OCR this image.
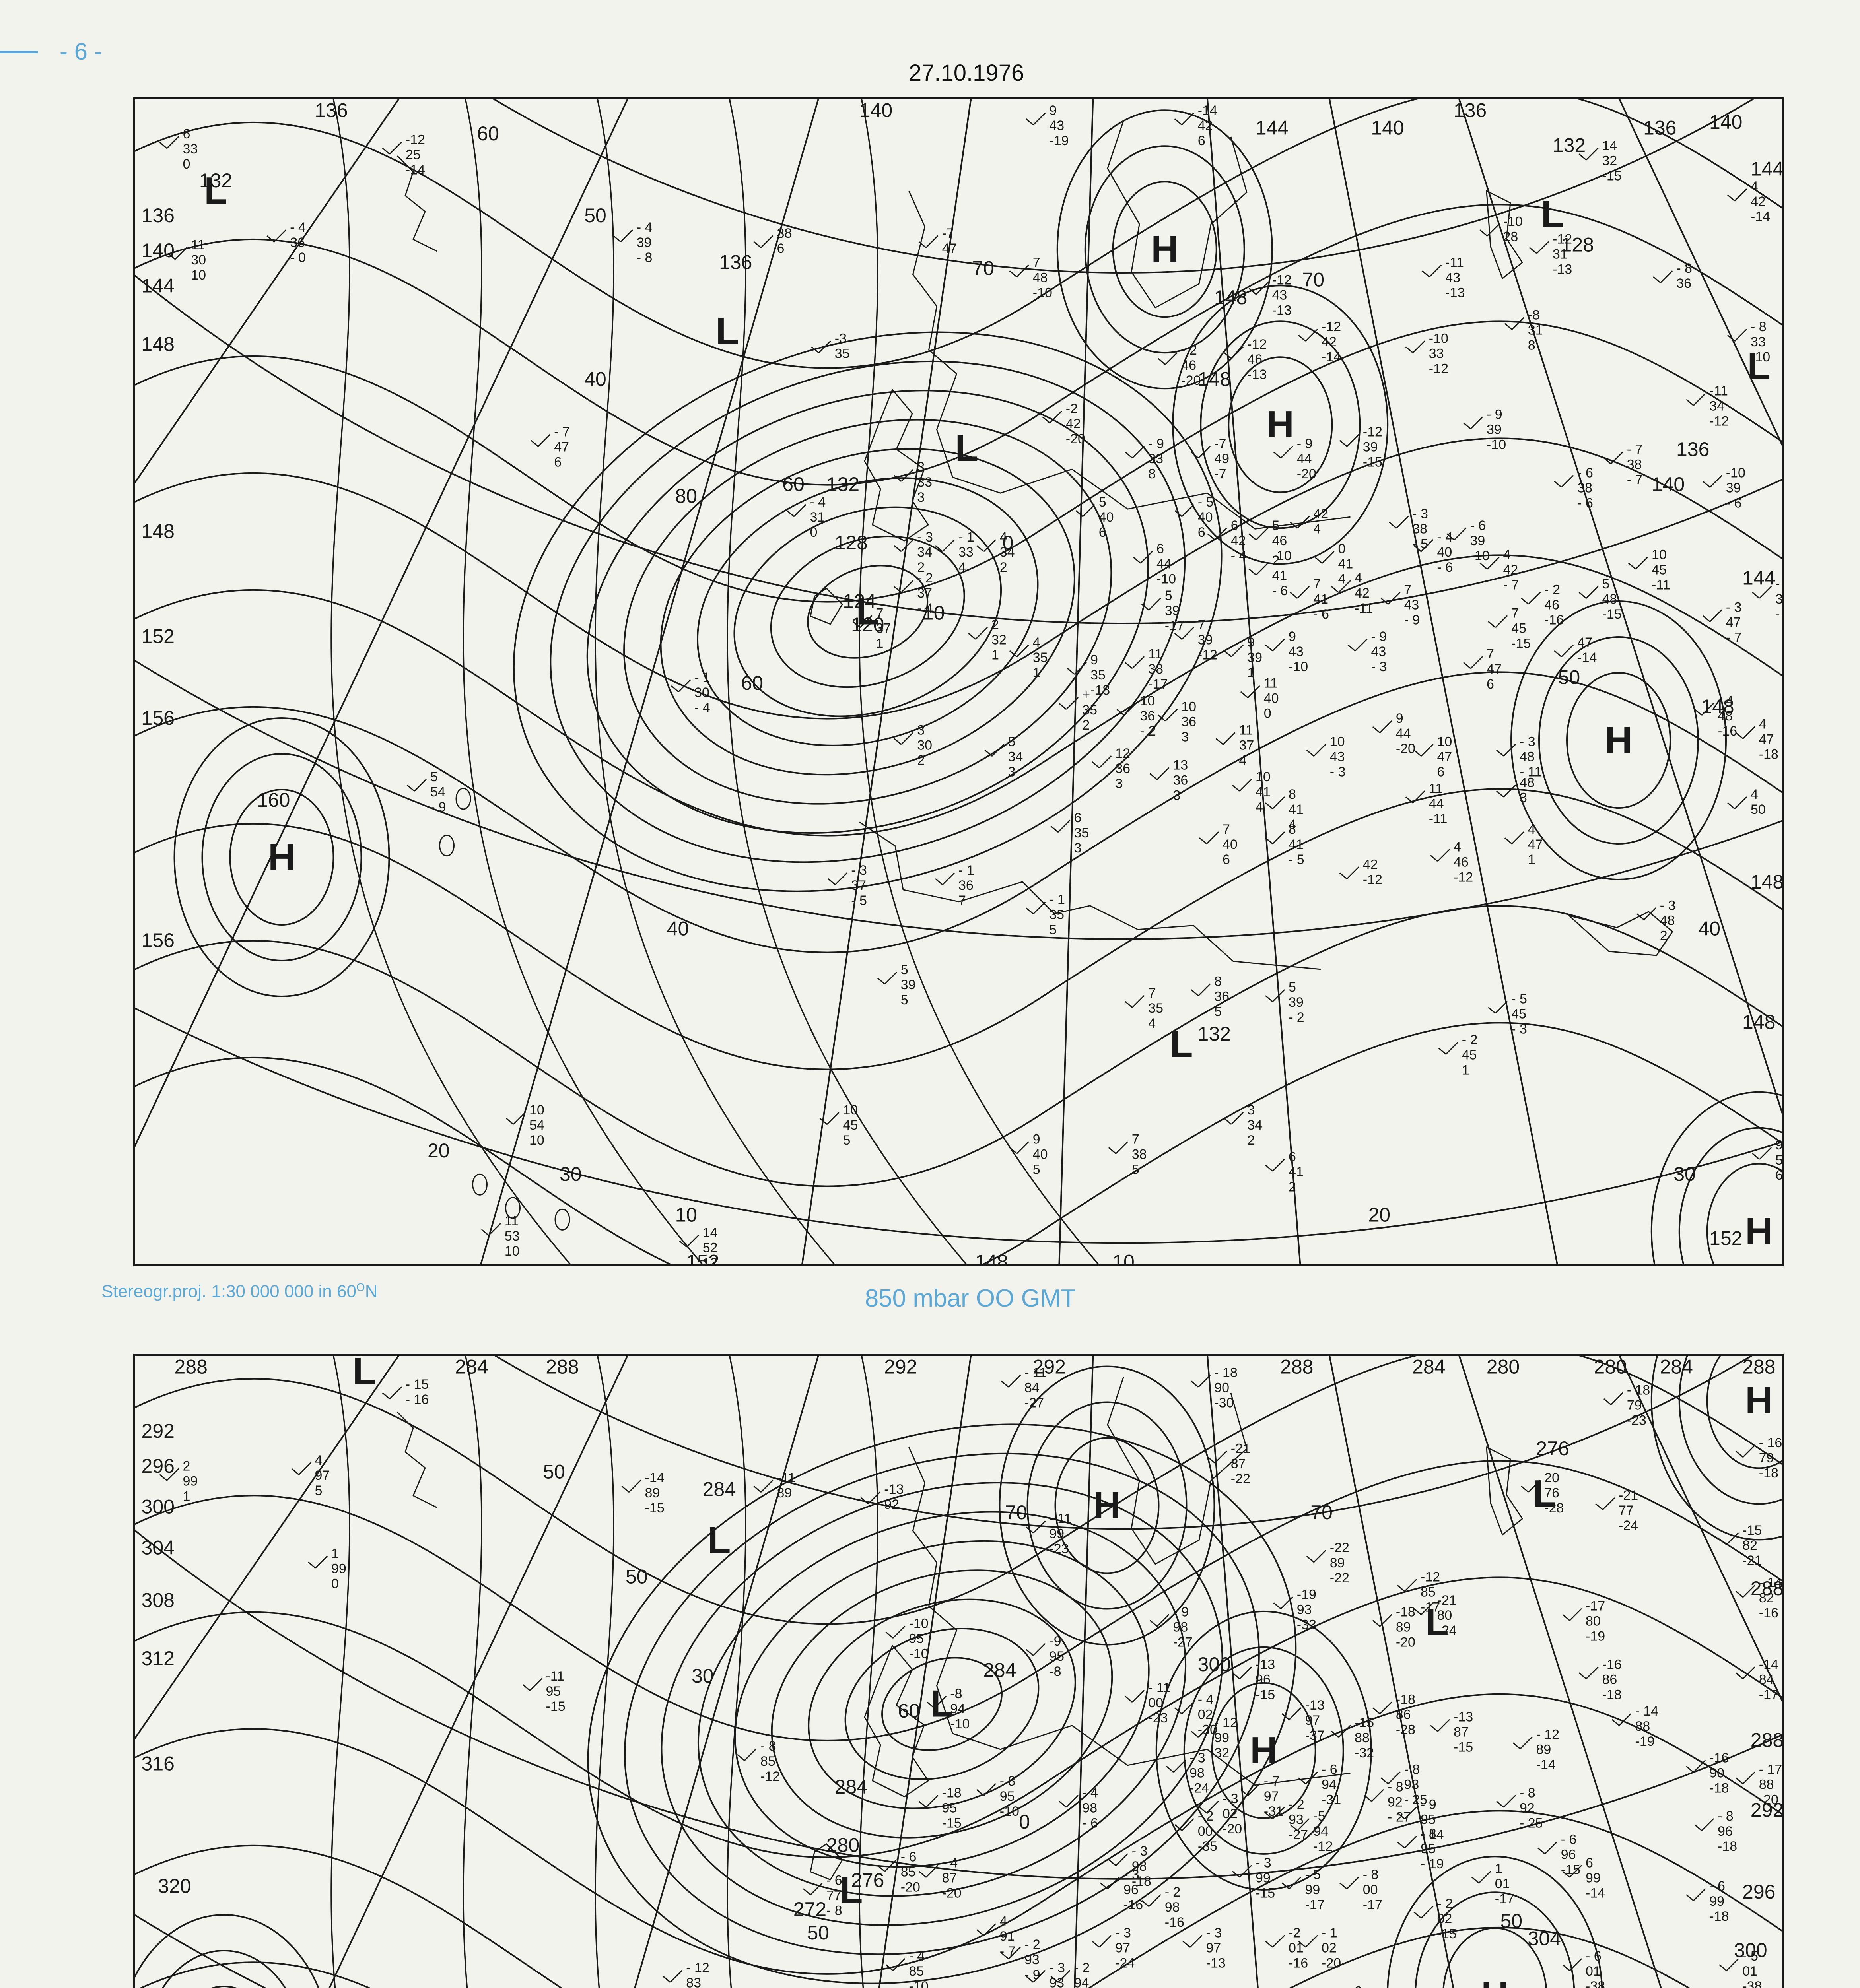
- 6 -
27.10.1976
6
33
0
-12
25
-14
11
30
10
- 4
36
- 0
- 4
39
- 8
38
6
9
43
-19
-14
42
6	14
32
-15
-12
31
-13
-10
28
-7
47
7
48
-10
-3
35
- 7
47
6
- 4
31
0
-2
42
-20
- 2
46
-20
-12
46
-13
-12
43
-13
-12
42
-14
-10
33
-12
-11
43
-13
-8
31
8
- 8
33
-10
- 8
36
4
42
-14
-11
34
-12
- 9
39
-10
-12
39
-15
- 9
44
-20
-7
49
-7
- 9
33
8	- 6
38
- 6
- 7
38
- 7	-10
39
- 6
- 3
38
- 5
- 6
39
-10	10
45
-11
- 3
47
- 7
- 4
48
-16 4
47
-18
4
50
3
33
3
- 3
34
2
- 1
33
4
4
34
2
6
44
-10
5
40
6
- 5
40
6
- 2
37
- 4
7
37
1
2
32
1
- 1
30
- 4
4
35
1
9
35
-18
11
38
-17
7
39
-12
5
39
-17
9
39
1
9
43
-10
- 9
43
- 3
2
41
- 6 7
41
- 6
4
42
-11
7
43
- 9
- 2
46
-16
5
48
-15
7
45
-15
4
42
- 7
0
41
4
6
42
- 4
42
4
- 4
40
- 6
5
46
-10
47
-14
7
47
6
11
40
0	9
44
-20
11
37
4
10
43
- 3
10
47
6
10
41
4
11
44
-11
8
41
4
48
3
- 3
48
- 11
10
36
- 2
+
35
2
10
36
3
5
34
3
3
30
2	12
36
3
13
36
3
6
35
3
7
40
6
8
41
- 5
4
46
-12
42
-12
4
47
1
- 3
48
2
5
54
- 9
- 3
37
- 5
- 1
36
7	- 1
35
5
5
39
5	7
35
4
8
36
5
5
39
- 2
- 5
45
- 3
- 2
45
1
10
54
10
10
45
5	9
40
5
7
38
5
3
34
2
6
41
2
11
53
10
14
52
12
9
5
6
-
3
-
136	140
144	140
136
132
136 140
144
132
136
140
144
148
148
152
156
156
160
136
132
128
124
120
128
148
148
136
140
144
148
148
148
132
152
148
152
60
50
40
80
60
70
70
10
60	50
40
40
30	30
20
20
10
10
0
L
L
L
L
L
L
L
H
H
H
H
H
Stereogr.proj. 1:30 000 000 in $60^ON$	850 mbar OO GMT
- 15
- 16
- 18
90
-30
- 11
84
-27
- 18
79
-23
- 16
79
-18
-21
87
-22	20
76
-28
-21
77
-24
2
99
1
4
97
5
1
99
0
-14
89
-15
-11
89
- 11
99
-23
-13
92
-15
82
-21
- 14
82
-16
-17
80
-19
-22
89
-22
-19
93
-33
- 9
98
-27
-21
80
-24
-18
89
-20
-12
85
-17
-14
84
-17
-16
86
-18
-13
96
-15
-10
95
-10
-11
95
-15
-9
95
-8
-13
97
-37
-18
86
-28
-13
87
-15
-15
88
-32
- 12
89
-14
- 14
88
-19
-16
90
-18
- 17
88
-20
- 12
99
32
- 11
00
-23
- 4
02
-30
-8
94
-10
- 8
85
-12
-18
95
-15
- 8
95
-10
- 3
98
-24
- 4
98
- 6	- 2
00
-35
- 3
02
-20
- 7
97
-31
- 6
94
-31
- 2
93
-27
- 8
93
- 25
- 9
95
- 14
- 8
92
- 27
- 8
95
- 19
- 8
92
- 25
-5
94
-12
1
01
-17
- 2
02
-15
6
99
-14
- 6
96
-15
- 8
96
-18
- 6
99
-18
- 5
01
-38
- 6
01
-38
- 3
99
-15
- 5
99
-17
- 8
00
-17
- 3
96
-16
- 2
98
-16
- 3
98
-18
-2
01
-16
- 1
02
-20
- 3
97
-13
- 3
97
-24
- 2
93
- 9
4
91
- 7
- 3
93
- 2
94
- 4
87
-20
- 6
85
-20
- 6
77
- 8
- 4
85
-10
- 12
83
288	284	288	292	292	288	284 280	280 284 288
292
296
300
304
308
312
316
320
284
284
284
280
276
272
276
300
288
288
292
296
300
304
50
50
30
70	70
60
0
50
50
L
L
L
L
L
L
H
H
H
